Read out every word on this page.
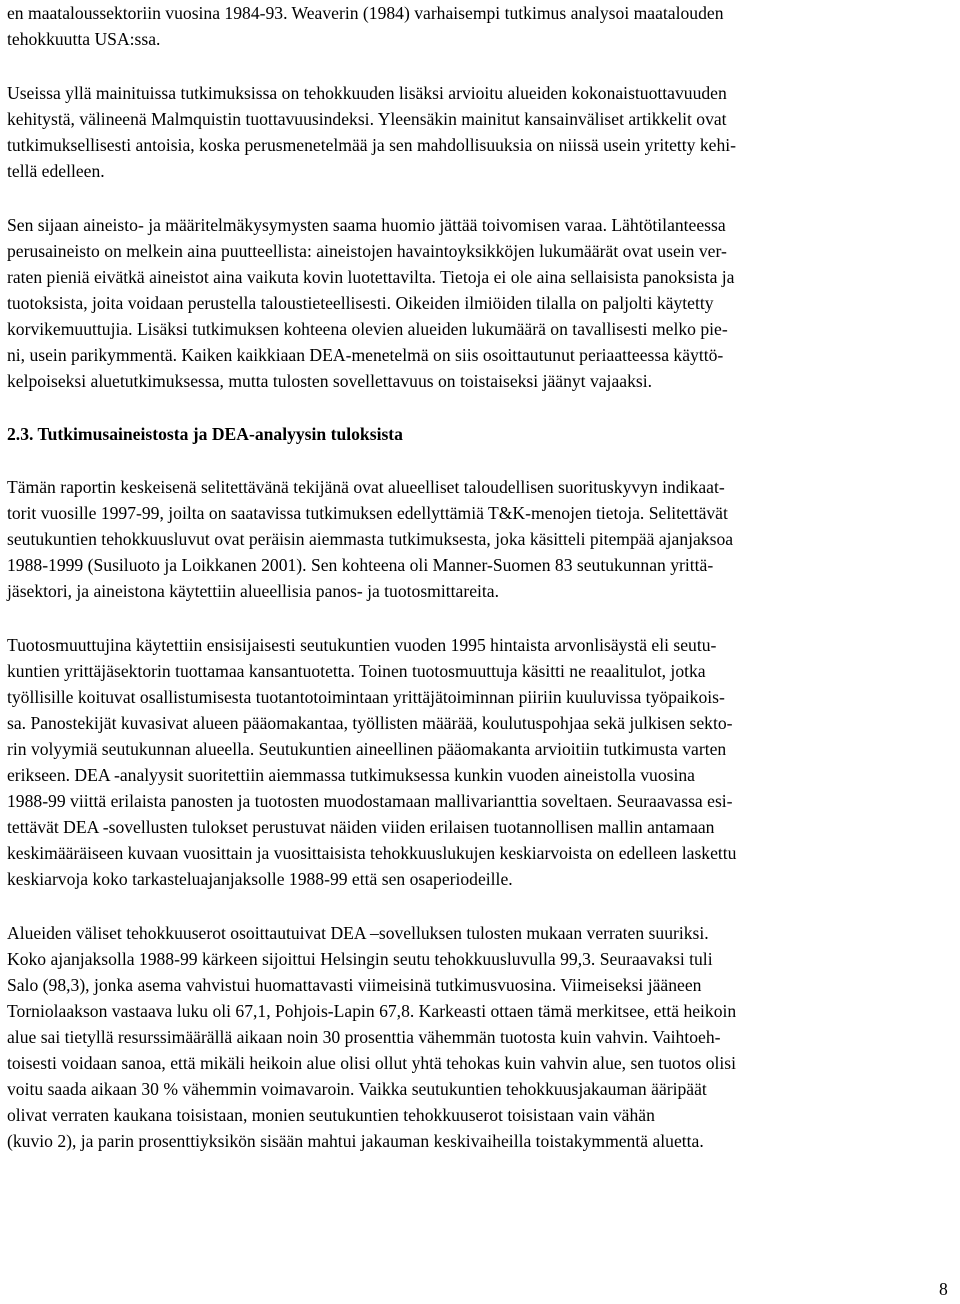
en maataloussektoriin vuosina 1984-93. Weaverin (1984) varhaisempi tutkimus analysoi maatalouden
tehokkuutta USA:ssa.
Useissa yllä mainituissa tutkimuksissa on tehokkuuden lisäksi arvioitu alueiden kokonaistuottavuuden
kehitystä, välineenä Malmquistin tuottavuusindeksi. Yleensäkin mainitut kansainväliset artikkelit ovat
tutkimuksellisesti antoisia, koska perusmenetelmää ja sen mahdollisuuksia on niissä usein yritetty kehi-
tellä edelleen.
Sen sijaan aineisto- ja määritelmäkysymysten saama huomio jättää toivomisen varaa. Lähtötilanteessa
perusaineisto on melkein aina puutteellista: aineistojen havaintoyksikköjen lukumäärät ovat usein ver-
raten pieniä eivätkä aineistot aina vaikuta kovin luotettavilta. Tietoja ei ole aina sellaisista panoksista ja
tuotoksista, joita voidaan perustella taloustieteellisesti. Oikeiden ilmiöiden tilalla on paljolti käytetty
korvikemuuttujia. Lisäksi tutkimuksen kohteena olevien alueiden lukumäärä on tavallisesti melko pie-
ni, usein parikymmentä. Kaiken kaikkiaan DEA-menetelmä on siis osoittautunut periaatteessa käyttö-
kelpoiseksi aluetutkimuksessa, mutta tulosten sovellettavuus on toistaiseksi jäänyt vajaaksi.
2.3. Tutkimusaineistosta ja DEA-analyysin tuloksista
Tämän raportin keskeisenä selitettävänä tekijänä ovat alueelliset taloudellisen suorituskyvyn indikaat-
torit vuosille 1997-99, joilta on saatavissa tutkimuksen edellyttämiä T&K-menojen tietoja. Selitettävät
seutukuntien tehokkuusluvut ovat peräisin aiemmasta tutkimuksesta, joka käsitteli pitempää ajanjaksoa
1988-1999 (Susiluoto ja Loikkanen 2001). Sen kohteena oli Manner-Suomen 83 seutukunnan yrittä-
jäsektori, ja aineistona käytettiin alueellisia panos- ja tuotosmittareita.
Tuotosmuuttujina käytettiin ensisijaisesti seutukuntien vuoden 1995 hintaista arvonlisäystä eli seutu-
kuntien yrittäjäsektorin tuottamaa kansantuotetta. Toinen tuotosmuuttuja käsitti ne reaalitulot, jotka
työllisille koituvat osallistumisesta tuotantotoimintaan yrittäjätoiminnan piiriin kuuluvissa työpaikois-
sa. Panostekijät kuvasivat alueen pääomakantaa, työllisten määrää, koulutuspohjaa sekä julkisen sekto-
rin volyymiä seutukunnan alueella. Seutukuntien aineellinen pääomakanta arvioitiin tutkimusta varten
erikseen. DEA -analyysit suoritettiin aiemmassa tutkimuksessa kunkin vuoden aineistolla vuosina
1988-99 viittä erilaista panosten ja tuotosten muodostamaan mallivarianttia soveltaen. Seuraavassa esi-
tettävät DEA -sovellusten tulokset perustuvat näiden viiden erilaisen tuotannollisen mallin antamaan
keskimääräiseen kuvaan vuosittain ja vuosittaisista tehokkuuslukujen keskiarvoista on edelleen laskettu
keskiarvoja koko tarkasteluajanjaksolle 1988-99 että sen osaperiodeille.
Alueiden väliset tehokkuuserot osoittautuivat DEA –sovelluksen tulosten mukaan verraten suuriksi.
Koko ajanjaksolla 1988-99 kärkeen sijoittui Helsingin seutu tehokkuusluvulla 99,3. Seuraavaksi tuli
Salo (98,3), jonka asema vahvistui huomattavasti viimeisinä tutkimusvuosina. Viimeiseksi jääneen
Torniolaakson vastaava luku oli 67,1, Pohjois-Lapin 67,8. Karkeasti ottaen tämä merkitsee, että heikoin
alue sai tietyllä resurssimäärällä aikaan noin 30 prosenttia vähemmän tuotosta kuin vahvin. Vaihtoeh-
toisesti voidaan sanoa, että mikäli heikoin alue olisi ollut yhtä tehokas kuin vahvin alue, sen tuotos olisi
voitu saada aikaan 30 % vähemmin voimavaroin. Vaikka seutukuntien tehokkuusjakauman ääripäät
olivat verraten kaukana toisistaan, monien seutukuntien tehokkuuserot toisistaan vain vähän
(kuvio 2), ja parin prosenttiyksikön sisään mahtui jakauman keskivaiheilla toistakymmentä aluetta.
8
